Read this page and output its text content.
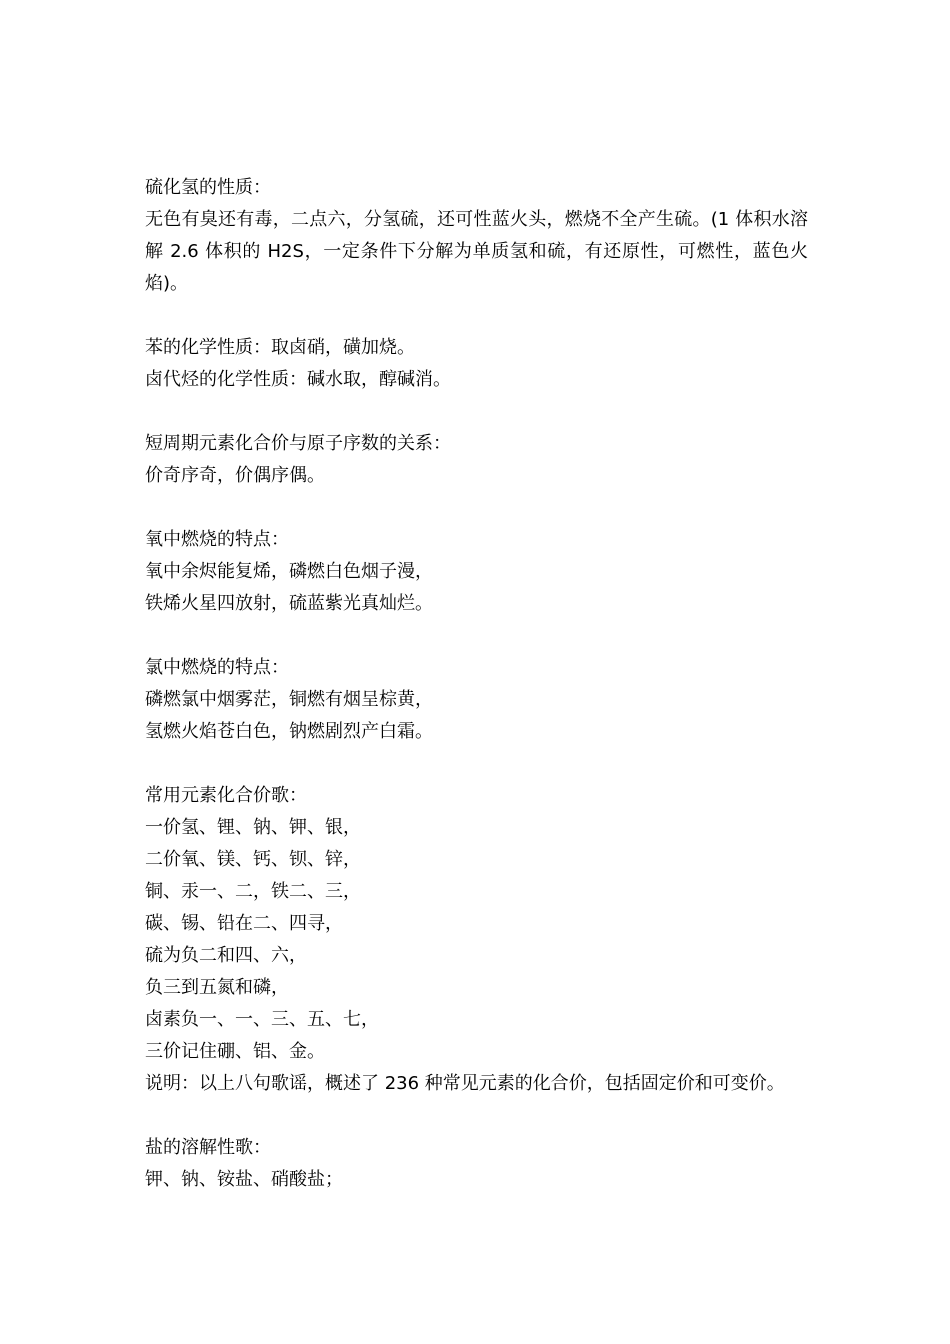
硫化氢的性质：

无色有臭还有毒，二点六，分氢硫，还可性蓝火头，燃烧不全产生硫。(1 体积水溶解 2.6 体积的 H2S，一定条件下分解为单质氢和硫，有还原性，可燃性，蓝色火焰)。

苯的化学性质：取卤硝，磺加烧。

卤代烃的化学性质：碱水取，醇碱消。

短周期元素化合价与原子序数的关系：

价奇序奇，价偶序偶。

氧中燃烧的特点：

氧中余烬能复烯，磷燃白色烟子漫，

铁烯火星四放射，硫蓝紫光真灿烂。

氯中燃烧的特点：

磷燃氯中烟雾茫，铜燃有烟呈棕黄，

氢燃火焰苍白色，钠燃剧烈产白霜。

常用元素化合价歌：

一价氢、锂、钠、钾、银，

二价氧、镁、钙、钡、锌，

铜、汞一、二，铁二、三，

碳、锡、铅在二、四寻，

硫为负二和四、六，

负三到五氮和磷，

卤素负一、一、三、五、七，

三价记住硼、铝、金。

说明：以上八句歌谣，概述了 236 种常见元素的化合价，包括固定价和可变价。

盐的溶解性歌：

钾、钠、铵盐、硝酸盐；
